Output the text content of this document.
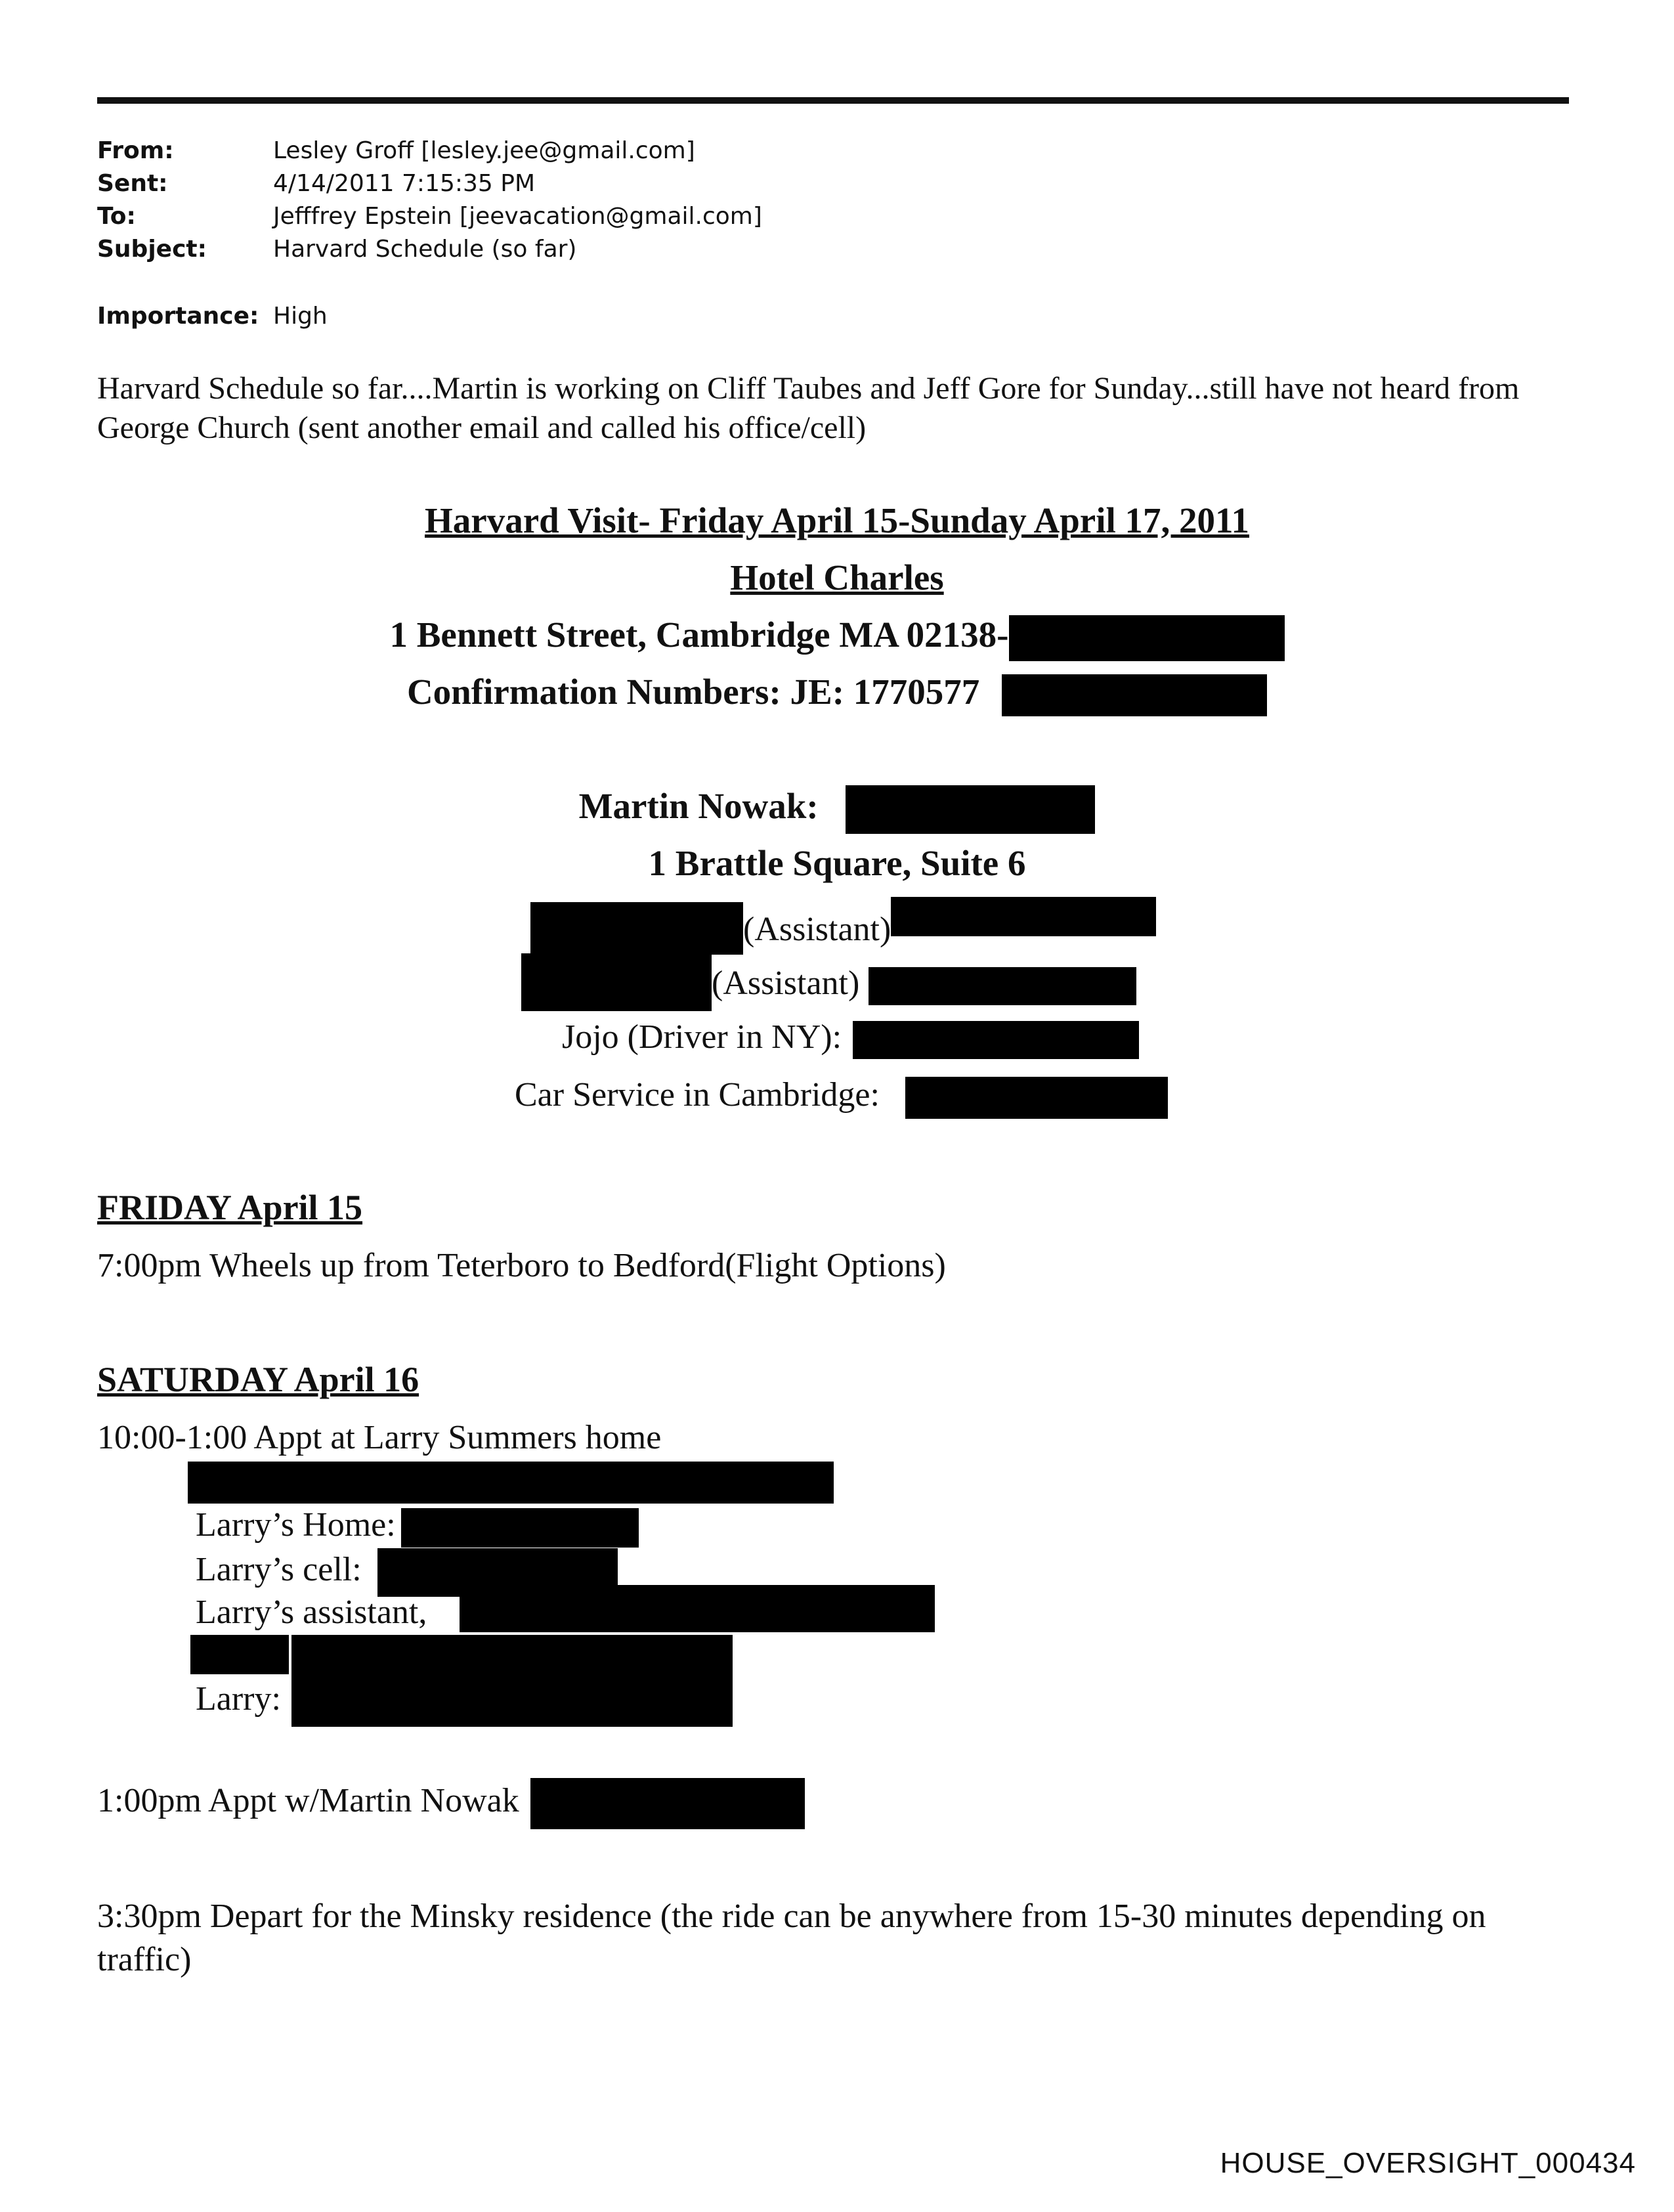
From:	Lesley Groff [lesley.jee@gmail.com]
Sent:	4/14/2011 7:15:35 PM
To:	Jefffrey Epstein [jeevacation@gmail.com]
Subject:	Harvard Schedule (so far)
Importance: High
Harvard Schedule so far....Martin is working on Cliff Taubes and Jeff Gore for Sunday...still have not heard from George Church (sent another email and called his office/cell)
Harvard Visit- Friday April 15-Sunday April 17, 2011
Hotel Charles
1 Bennett Street, Cambridge MA 02138-
Confirmation Numbers: JE: 1770577
Martin Nowak:
1 Brattle Square, Suite 6
(Assistant)
(Assistant)
Jojo (Driver in NY):
Car Service in Cambridge:
FRIDAY April 15
7:00pm Wheels up from Teterboro to Bedford(Flight Options)
SATURDAY April 16
10:00-1:00 Appt at Larry Summers home
Larry’s Home:
Larry’s cell:
Larry’s assistant,
Larry:
1:00pm Appt w/Martin Nowak
3:30pm Depart for the Minsky residence (the ride can be anywhere from 15-30 minutes depending on traffic)
HOUSE_OVERSIGHT_000434
